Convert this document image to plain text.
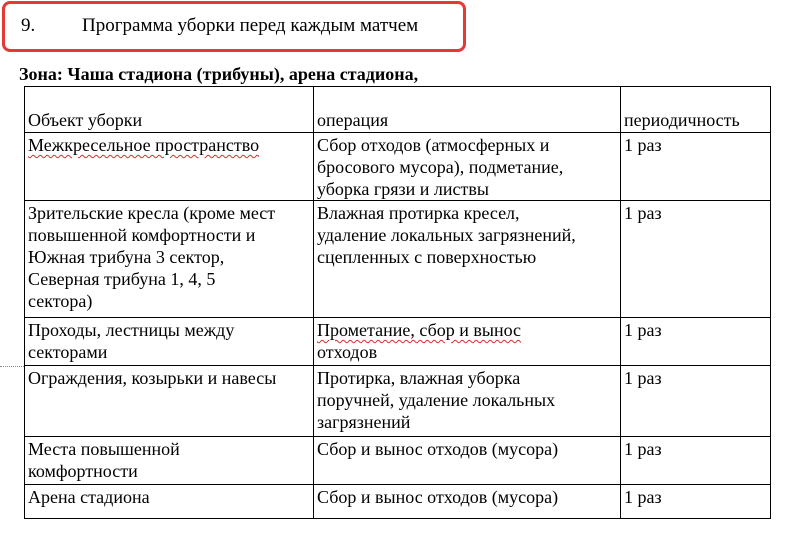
9. Программа уборки перед каждым матчем
Зона: Чаша стадиона (трибуны), арена стадиона,
Объект уборки	операция	периодичность

Межкресельное пространство	Сбор отходов (атмосферных и
бросового мусора), подметание,
уборка грязи и листвы	1 раз

Зрительские кресла (кроме мест
повышенной комфортности и
Южная трибуна 3 сектор,
Северная трибуна 1, 4, 5
сектора)	Влажная протирка кресел,
удаление локальных загрязнений,
сцепленных с поверхностью	1 раз

Проходы, лестницы между
секторами	Прометание, сбор и вынос
отходов	1 раз

Ограждения, козырьки и навесы	Протирка, влажная уборка
поручней, удаление локальных
загрязнений	1 раз

Места повышенной
комфортности	Сбор и вынос отходов (мусора)	1 раз

Арена стадиона	Сбор и вынос отходов (мусора)	1 раз
